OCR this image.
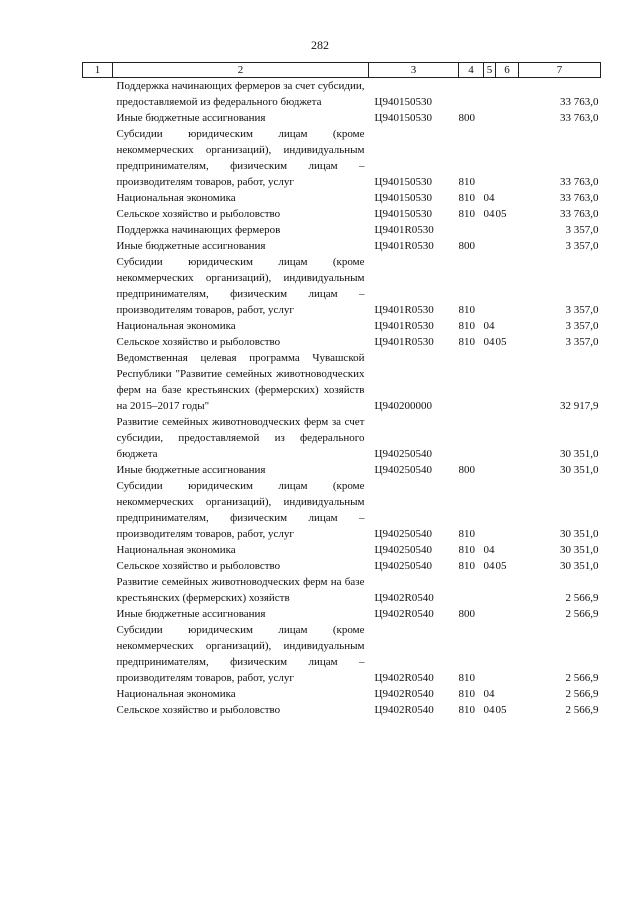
282
1	2	3	4	5	6	7
	Поддержка начинающих фермеров за счет субсидии, предоставляемой из федерального бюджета	Ц940150530				33 763,0
	Иные бюджетные ассигнования	Ц940150530	800			33 763,0
	Субсидии юридическим лицам (кроме некоммерческих организаций), индивидуальным предпринимателям, физическим лицам – производителям товаров, работ, услуг	Ц940150530	810			33 763,0
	Национальная экономика	Ц940150530	810	04		33 763,0
	Сельское хозяйство и рыболовство	Ц940150530	810	04	05	33 763,0
	Поддержка начинающих фермеров	Ц9401R0530				3 357,0
	Иные бюджетные ассигнования	Ц9401R0530	800			3 357,0
	Субсидии юридическим лицам (кроме некоммерческих организаций), индивидуальным предпринимателям, физическим лицам – производителям товаров, работ, услуг	Ц9401R0530	810			3 357,0
	Национальная экономика	Ц9401R0530	810	04		3 357,0
	Сельское хозяйство и рыболовство	Ц9401R0530	810	04	05	3 357,0
	Ведомственная целевая программа Чувашской Республики "Развитие семейных животноводческих ферм на базе крестьянских (фермерских) хозяйств на 2015–2017 годы"	Ц940200000				32 917,9
	Развитие семейных животноводческих ферм за счет субсидии, предоставляемой из федерального бюджета	Ц940250540				30 351,0
	Иные бюджетные ассигнования	Ц940250540	800			30 351,0
	Субсидии юридическим лицам (кроме некоммерческих организаций), индивидуальным предпринимателям, физическим лицам – производителям товаров, работ, услуг	Ц940250540	810			30 351,0
	Национальная экономика	Ц940250540	810	04		30 351,0
	Сельское хозяйство и рыболовство	Ц940250540	810	04	05	30 351,0
	Развитие семейных животноводческих ферм на базе крестьянских (фермерских) хозяйств	Ц9402R0540				2 566,9
	Иные бюджетные ассигнования	Ц9402R0540	800			2 566,9
	Субсидии юридическим лицам (кроме некоммерческих организаций), индивидуальным предпринимателям, физическим лицам – производителям товаров, работ, услуг	Ц9402R0540	810			2 566,9
	Национальная экономика	Ц9402R0540	810	04		2 566,9
	Сельское хозяйство и рыболовство	Ц9402R0540	810	04	05	2 566,9
